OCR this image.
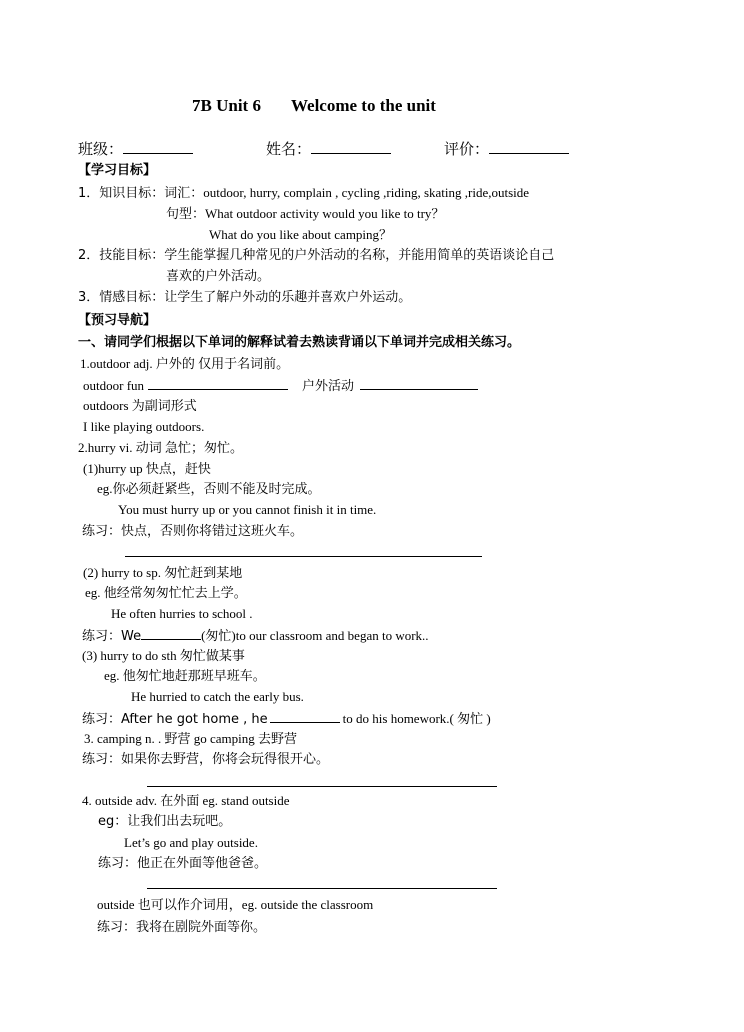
7B Unit 6 Welcome to the unit
班级：	姓名：	评价：
【学习目标】
1．知识目标：词汇：outdoor, hurry, complain , cycling ,riding, skating ,ride,outside
句型：What outdoor activity would you like to try？
What do you like about camping？
2．技能目标：学生能掌握几种常见的户外活动的名称，并能用简单的英语谈论自己
喜欢的户外活动。
3．情感目标：让学生了解户外动的乐趣并喜欢户外运动。
【预习导航】
一、请同学们根据以下单词的解释试着去熟读背诵以下单词并完成相关练习。
1.outdoor adj. 户外的 仅用于名词前。
outdoor fun	户外活动
outdoors 为副词形式
I like playing outdoors.
2.hurry vi. 动词 急忙；匆忙。
(1)hurry up 快点，赶快
eg.你必须赶紧些，否则不能及时完成。
You must hurry up or you cannot finish it in time.
练习：快点，否则你将错过这班火车。
(2) hurry to sp. 匆忙赶到某地
eg. 他经常匆匆忙忙去上学。
He often hurries to school .
练习：We	(匆忙)to our classroom and began to work..
(3) hurry to do sth 匆忙做某事
eg. 他匆忙地赶那班早班车。
He hurried to catch the early bus.
练习：After he got home , he	to do his homework.( 匆忙 )
3. camping n. . 野营 go camping 去野营
练习：如果你去野营，你将会玩得很开心。
4. outside adv. 在外面 eg. stand outside
eg：让我们出去玩吧。
Let’s go and play outside.
练习：他正在外面等他爸爸。
outside 也可以作介词用，eg. outside the classroom
练习：我将在剧院外面等你。
